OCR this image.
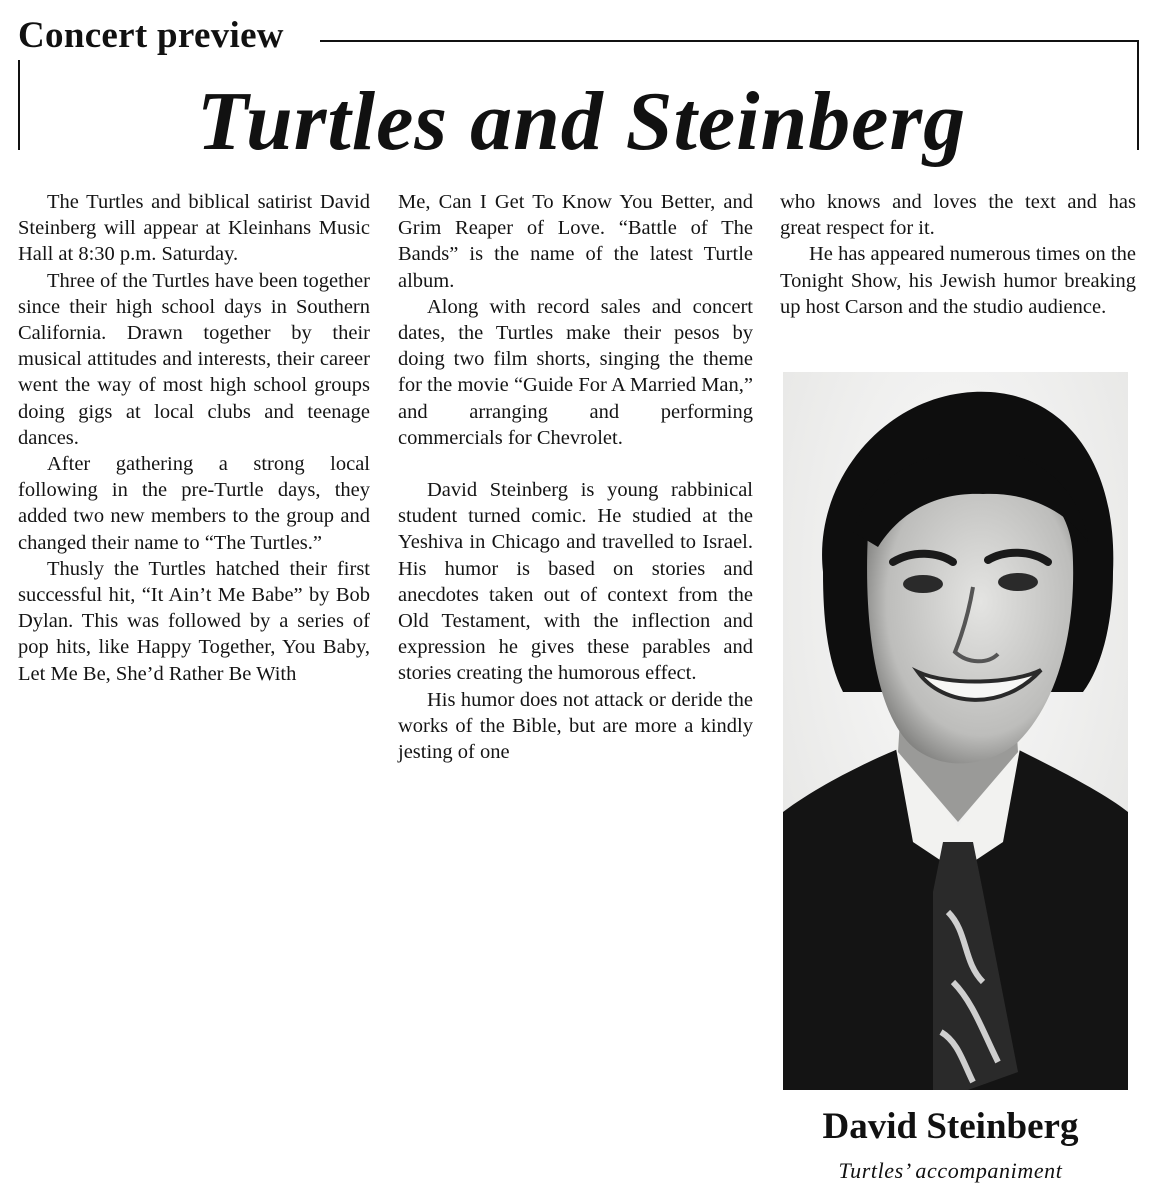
Concert preview
Turtles and Steinberg

The Turtles and biblical satirist David Steinberg will appear at Kleinhans Music Hall at 8:30 p.m. Saturday.

Three of the Turtles have been together since their high school days in Southern California. Drawn together by their musical attitudes and interests, their career went the way of most high school groups doing gigs at local clubs and teenage dances.

After gathering a strong local following in the pre-Turtle days, they added two new members to the group and changed their name to “The Turtles.”

Thusly the Turtles hatched their first successful hit, “It Ain’t Me Babe” by Bob Dylan. This was followed by a series of pop hits, like Happy Together, You Baby, Let Me Be, She’d Rather Be With

Me, Can I Get To Know You Better, and Grim Reaper of Love. “Battle of The Bands” is the name of the latest Turtle album.

Along with record sales and concert dates, the Turtles make their pesos by doing two film shorts, singing the theme for the movie “Guide For A Married Man,” and arranging and performing commercials for Chevrolet.

David Steinberg is young rabbinical student turned comic. He studied at the Yeshiva in Chicago and travelled to Israel. His humor is based on stories and anecdotes taken out of context from the Old Testament, with the inflection and expression he gives these parables and stories creating the humorous effect.

His humor does not attack or deride the works of the Bible, but are more a kindly jesting of one

who knows and loves the text and has great respect for it.

He has appeared numerous times on the Tonight Show, his Jewish humor breaking up host Carson and the studio audience.

David Steinberg
Turtles’ accompaniment
